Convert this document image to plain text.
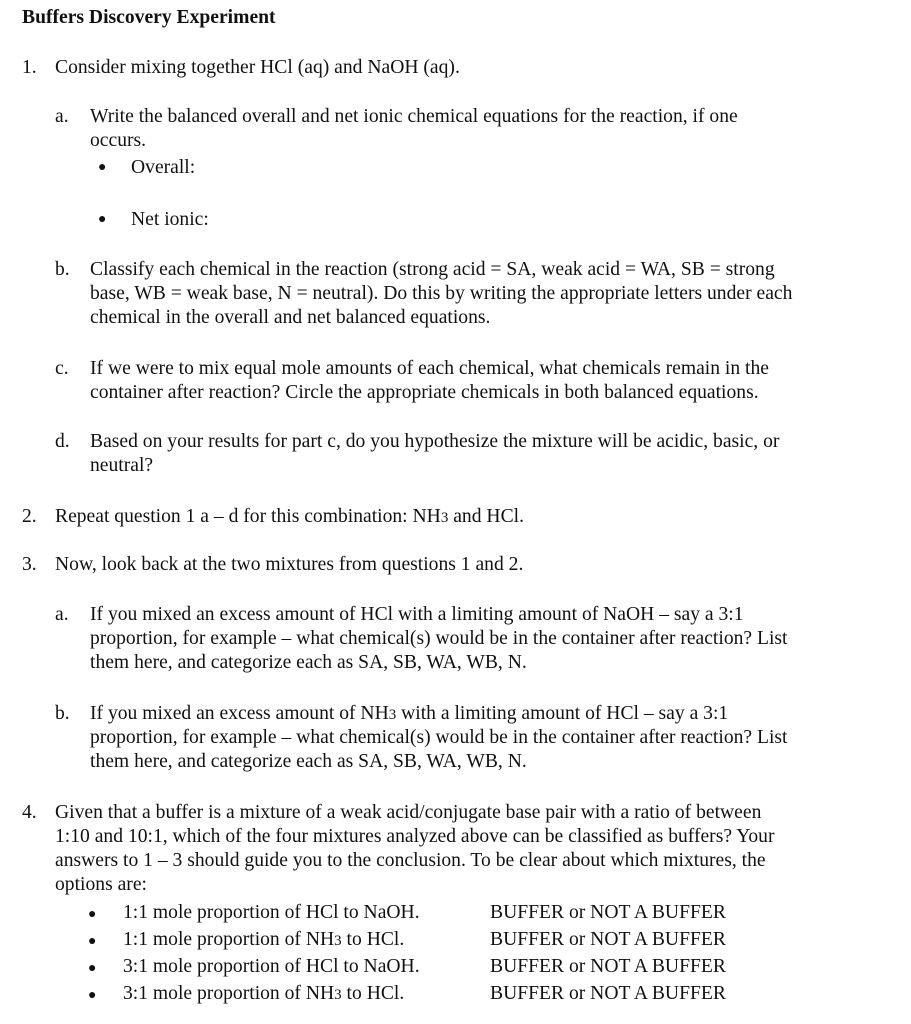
Buffers Discovery Experiment
1. Consider mixing together HCl (aq) and NaOH (aq).
a. Write the balanced overall and net ionic chemical equations for the reaction, if one
occurs.
● Overall:
● Net ionic:
b. Classify each chemical in the reaction (strong acid = SA, weak acid = WA, SB = strong
base, WB = weak base, N = neutral). Do this by writing the appropriate letters under each
chemical in the overall and net balanced equations.
c. If we were to mix equal mole amounts of each chemical, what chemicals remain in the
container after reaction? Circle the appropriate chemicals in both balanced equations.
d. Based on your results for part c, do you hypothesize the mixture will be acidic, basic, or
neutral?
2. Repeat question 1 a – d for this combination: NH3 and HCl.
3. Now, look back at the two mixtures from questions 1 and 2.
a. If you mixed an excess amount of HCl with a limiting amount of NaOH – say a 3:1
proportion, for example – what chemical(s) would be in the container after reaction? List
them here, and categorize each as SA, SB, WA, WB, N.
b. If you mixed an excess amount of NH3 with a limiting amount of HCl – say a 3:1
proportion, for example – what chemical(s) would be in the container after reaction? List
them here, and categorize each as SA, SB, WA, WB, N.
4. Given that a buffer is a mixture of a weak acid/conjugate base pair with a ratio of between
1:10 and 10:1, which of the four mixtures analyzed above can be classified as buffers? Your
answers to 1 – 3 should guide you to the conclusion. To be clear about which mixtures, the
options are:
● 1:1 mole proportion of HCl to NaOH.	BUFFER or NOT A BUFFER
● 1:1 mole proportion of NH3 to HCl.	BUFFER or NOT A BUFFER
● 3:1 mole proportion of HCl to NaOH.	BUFFER or NOT A BUFFER
● 3:1 mole proportion of NH3 to HCl.	BUFFER or NOT A BUFFER
